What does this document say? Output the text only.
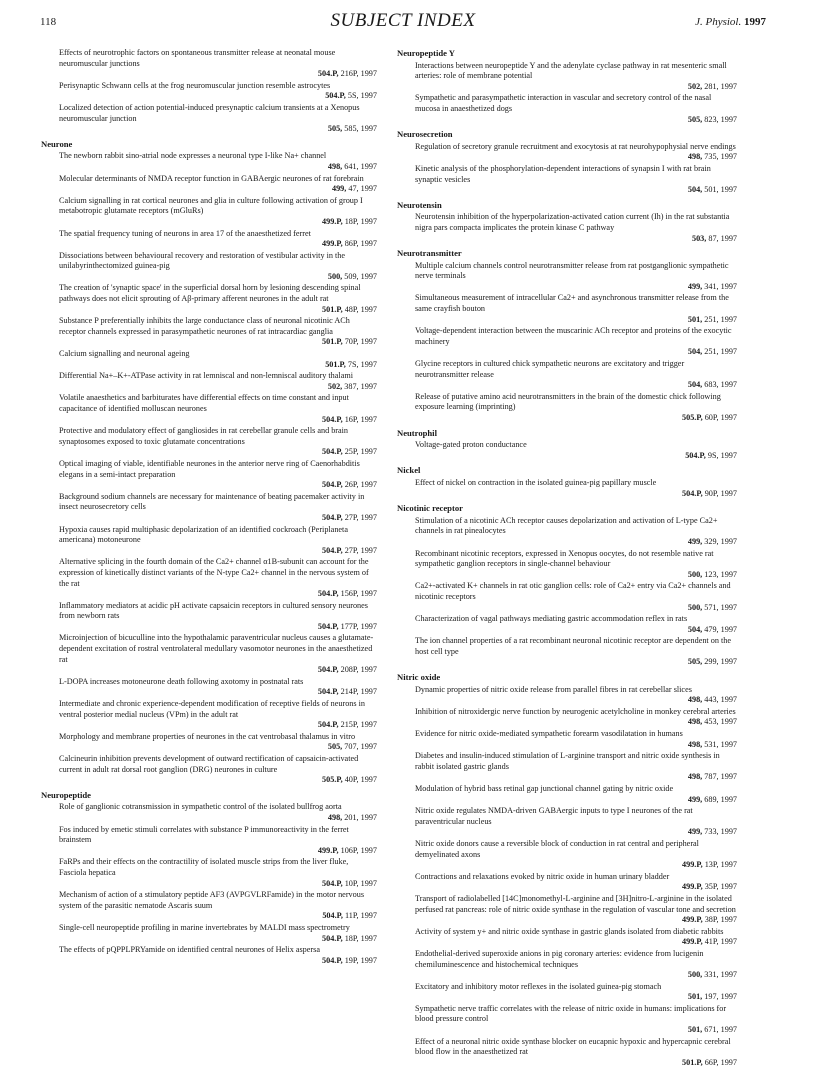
118	SUBJECT INDEX	J. Physiol. 1997
Effects of neurotrophic factors on spontaneous transmitter release at neonatal mouse neuromuscular junctions
504.P, 216P, 1997
Perisynaptic Schwann cells at the frog neuromuscular junction resemble astrocytes
504.P, 5S, 1997
Localized detection of action potential-induced presynaptic calcium transients at a Xenopus neuromuscular junction
505, 585, 1997
Neurone
The newborn rabbit sino-atrial node expresses a neuronal type I-like Na+ channel
498, 641, 1997
Molecular determinants of NMDA receptor function in GABAergic neurones of rat forebrain
499, 47, 1997
Calcium signalling in rat cortical neurones and glia in culture following activation of group I metabotropic glutamate receptors (mGluRs)
499.P, 18P, 1997
The spatial frequency tuning of neurons in area 17 of the anaesthetized ferret
499.P, 86P, 1997
Dissociations between behavioural recovery and restoration of vestibular activity in the unilabyrinthectomized guinea-pig
500, 509, 1997
The creation of 'synaptic space' in the superficial dorsal horn by lesioning descending spinal pathways does not elicit sprouting of Aβ-primary afferent neurones in the adult rat
501.P, 48P, 1997
Substance P preferentially inhibits the large conductance class of neuronal nicotinic ACh receptor channels expressed in parasympathetic neurones of rat intracardiac ganglia
501.P, 70P, 1997
Calcium signalling and neuronal ageing
501.P, 7S, 1997
Differential Na+–K+-ATPase activity in rat lemniscal and non-lemniscal auditory thalami
502, 387, 1997
Volatile anaesthetics and barbiturates have differential effects on time constant and input capacitance of identified molluscan neurones
504.P, 16P, 1997
Protective and modulatory effect of gangliosides in rat cerebellar granule cells and brain synaptosomes exposed to toxic glutamate concentrations
504.P, 25P, 1997
Optical imaging of viable, identifiable neurones in the anterior nerve ring of Caenorhabditis elegans in a semi-intact preparation
504.P, 26P, 1997
Background sodium channels are necessary for maintenance of beating pacemaker activity in insect neurosecretory cells
504.P, 27P, 1997
Hypoxia causes rapid multiphasic depolarization of an identified cockroach (Periplaneta americana) motoneurone
504.P, 27P, 1997
Alternative splicing in the fourth domain of the Ca2+ channel α1B-subunit can account for the expression of kinetically distinct variants of the N-type Ca2+ channel in the nervous system of the rat
504.P, 156P, 1997
Inflammatory mediators at acidic pH activate capsaicin receptors in cultured sensory neurones from newborn rats
504.P, 177P, 1997
Microinjection of bicuculline into the hypothalamic paraventricular nucleus causes a glutamate-dependent excitation of rostral ventrolateral medullary vasomotor neurones in the anaesthetized rat
504.P, 208P, 1997
L-DOPA increases motoneurone death following axotomy in postnatal rats
504.P, 214P, 1997
Intermediate and chronic experience-dependent modification of receptive fields of neurons in ventral posterior medial nucleus (VPm) in the adult rat
504.P, 215P, 1997
Morphology and membrane properties of neurones in the cat ventrobasal thalamus in vitro
505, 707, 1997
Calcineurin inhibition prevents development of outward rectification of capsaicin-activated current in adult rat dorsal root ganglion (DRG) neurones in culture
505.P, 40P, 1997
Neuropeptide
Role of ganglionic cotransmission in sympathetic control of the isolated bullfrog aorta
498, 201, 1997
Fos induced by emetic stimuli correlates with substance P immunoreactivity in the ferret brainstem
499.P, 106P, 1997
FaRPs and their effects on the contractility of isolated muscle strips from the liver fluke, Fasciola hepatica
504.P, 10P, 1997
Mechanism of action of a stimulatory peptide AF3 (AVPGVLRFamide) in the motor nervous system of the parasitic nematode Ascaris suum
504.P, 11P, 1997
Single-cell neuropeptide profiling in marine invertebrates by MALDI mass spectrometry
504.P, 18P, 1997
The effects of pQPPLPRYamide on identified central neurones of Helix aspersa
504.P, 19P, 1997
Neuropeptide Y
Interactions between neuropeptide Y and the adenylate cyclase pathway in rat mesenteric small arteries: role of membrane potential
502, 281, 1997
Sympathetic and parasympathetic interaction in vascular and secretory control of the nasal mucosa in anaesthetized dogs
505, 823, 1997
Neurosecretion
Regulation of secretory granule recruitment and exocytosis at rat neurohypophysial nerve endings
498, 735, 1997
Kinetic analysis of the phosphorylation-dependent interactions of synapsin I with rat brain synaptic vesicles
504, 501, 1997
Neurotensin
Neurotensin inhibition of the hyperpolarization-activated cation current (Ih) in the rat substantia nigra pars compacta implicates the protein kinase C pathway
503, 87, 1997
Neurotransmitter
Multiple calcium channels control neurotransmitter release from rat postganglionic sympathetic nerve terminals
499, 341, 1997
Simultaneous measurement of intracellular Ca2+ and asynchronous transmitter release from the same crayfish bouton
501, 251, 1997
Voltage-dependent interaction between the muscarinic ACh receptor and proteins of the exocytic machinery
504, 251, 1997
Glycine receptors in cultured chick sympathetic neurons are excitatory and trigger neurotransmitter release
504, 683, 1997
Release of putative amino acid neurotransmitters in the brain of the domestic chick following exposure learning (imprinting)
505.P, 60P, 1997
Neutrophil
Voltage-gated proton conductance
504.P, 9S, 1997
Nickel
Effect of nickel on contraction in the isolated guinea-pig papillary muscle
504.P, 90P, 1997
Nicotinic receptor
Stimulation of a nicotinic ACh receptor causes depolarization and activation of L-type Ca2+ channels in rat pinealocytes
499, 329, 1997
Recombinant nicotinic receptors, expressed in Xenopus oocytes, do not resemble native rat sympathetic ganglion receptors in single-channel behaviour
500, 123, 1997
Ca2+-activated K+ channels in rat otic ganglion cells: role of Ca2+ entry via Ca2+ channels and nicotinic receptors
500, 571, 1997
Characterization of vagal pathways mediating gastric accommodation reflex in rats
504, 479, 1997
The ion channel properties of a rat recombinant neuronal nicotinic receptor are dependent on the host cell type
505, 299, 1997
Nitric oxide
Dynamic properties of nitric oxide release from parallel fibres in rat cerebellar slices
498, 443, 1997
Inhibition of nitroxidergic nerve function by neurogenic acetylcholine in monkey cerebral arteries
498, 453, 1997
Evidence for nitric oxide-mediated sympathetic forearm vasodilatation in humans
498, 531, 1997
Diabetes and insulin-induced stimulation of L-arginine transport and nitric oxide synthesis in rabbit isolated gastric glands
498, 787, 1997
Modulation of hybrid bass retinal gap junctional channel gating by nitric oxide
499, 689, 1997
Nitric oxide regulates NMDA-driven GABAergic inputs to type I neurones of the rat paraventricular nucleus
499, 733, 1997
Nitric oxide donors cause a reversible block of conduction in rat central and peripheral demyelinated axons
499.P, 13P, 1997
Contractions and relaxations evoked by nitric oxide in human urinary bladder
499.P, 35P, 1997
Transport of radiolabelled [14C]monomethyl-L-arginine and [3H]nitro-L-arginine in the isolated perfused rat pancreas: role of nitric oxide synthase in the regulation of vascular tone and secretion
499.P, 38P, 1997
Activity of system y+ and nitric oxide synthase in gastric glands isolated from diabetic rabbits
499.P, 41P, 1997
Endothelial-derived superoxide anions in pig coronary arteries: evidence from lucigenin chemiluminescence and histochemical techniques
500, 331, 1997
Excitatory and inhibitory motor reflexes in the isolated guinea-pig stomach
501, 197, 1997
Sympathetic nerve traffic correlates with the release of nitric oxide in humans: implications for blood pressure control
501, 671, 1997
Effect of a neuronal nitric oxide synthase blocker on eucapnic hypoxic and hypercapnic cerebral blood flow in the anaesthetized rat
501.P, 66P, 1997
